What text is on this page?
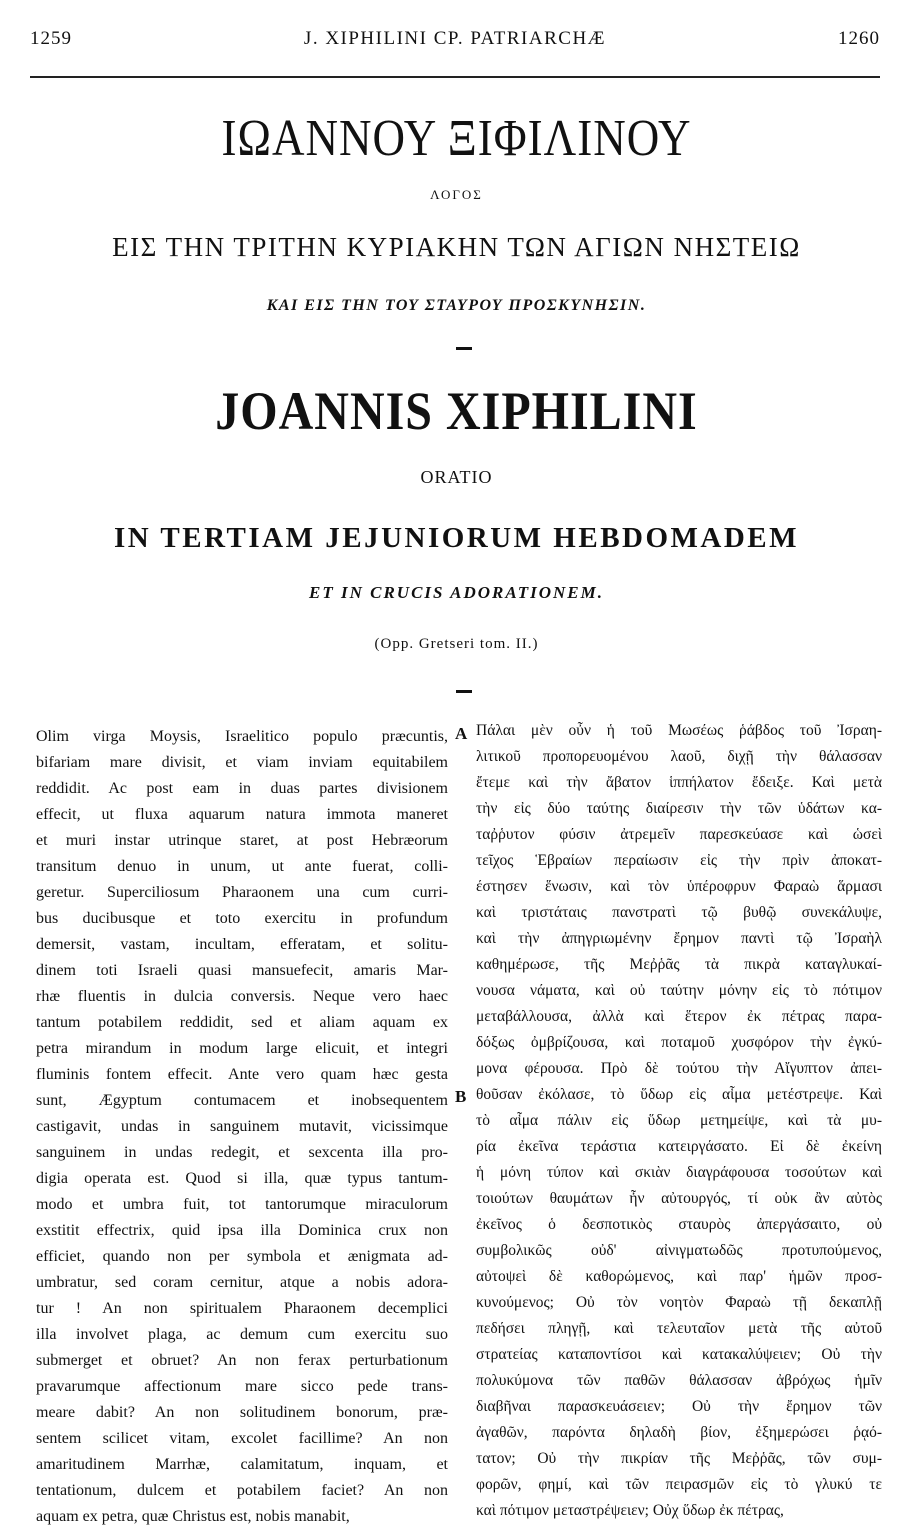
1259	J. XIPHILINI CP. PATRIARCHÆ	1260
ΙΩΑΝΝΟΥ ΞΙΦΙΛΙΝΟΥ
ΛΟΓΟΣ
ΕΙΣ ΤΗΝ ΤΡΙΤΗΝ ΚΥΡΙΑΚΗΝ ΤΩΝ ΑΓΙΩΝ ΝΗΣΤΕΙΩ
ΚΑΙ ΕΙΣ ΤΗΝ ΤΟΥ ΣΤΑΥΡΟΥ ΠΡΟΣΚΥΝΗΣΙΝ.
JOANNIS XIPHILINI
ORATIO
IN TERTIAM JEJUNIORUM HEBDOMADEM
ET IN CRUCIS ADORATIONEM.
(Opp. Gretseri tom. II.)
Olim virga Moysis, Israelitico populo præcuntis,
bifariam mare divisit, et viam inviam equitabilem
reddidit. Ac post eam in duas partes divisionem
effecit, ut fluxa aquarum natura immota maneret
et muri instar utrinque staret, at post Hebræorum
transitum denuo in unum, ut ante fuerat, colli-
geretur. Superciliosum Pharaonem una cum curri-
bus ducibusque et toto exercitu in profundum
demersit, vastam, incultam, efferatam, et solitu-
dinem toti Israeli quasi mansuefecit, amaris Mar-
rhæ fluentis in dulcia conversis. Neque vero haec
tantum potabilem reddidit, sed et aliam aquam ex
petra mirandum in modum large elicuit, et integri
fluminis fontem effecit. Ante vero quam hæc gesta
sunt, Ægyptum contumacem et inobsequentem
castigavit, undas in sanguinem mutavit, vicissimque
sanguinem in undas redegit, et sexcenta illa pro-
digia operata est. Quod si illa, quæ typus tantum-
modo et umbra fuit, tot tantorumque miraculorum
exstitit effectrix, quid ipsa illa Dominica crux non
efficiet, quando non per symbola et ænigmata ad-
umbratur, sed coram cernitur, atque a nobis adora-
tur ! An non spiritualem Pharaonem decemplici
illa involvet plaga, ac demum cum exercitu suo
submerget et obruet? An non ferax perturbationum
pravarumque affectionum mare sicco pede trans-
meare dabit? An non solitudinem bonorum, præ-
sentem scilicet vitam, excolet facillime? An non
amaritudinem Marrhæ, calamitatum, inquam, et
tentationum, dulcem et potabilem faciet? An non
aquam ex petra, quæ Christus est, nobis manabit,
Πάλαι μὲν οὖν ἡ τοῦ Μωσέως ῥάβδος τοῦ Ἰσραη-
λιτικοῦ προπορευομένου λαοῦ, διχῇ τὴν θάλασσαν
ἔτεμε καὶ τὴν ἄβατον ἱππήλατον ἔδειξε. Καὶ μετὰ
τὴν εἰς δύο ταύτης διαίρεσιν τὴν τῶν ὑδάτων κα-
ταῤῥυτον φύσιν ἀτρεμεῖν παρεσκεύασε καὶ ὡσεὶ
τεῖχος Ἑβραίων περαίωσιν εἰς τὴν πρὶν ἀποκατ-
έστησεν ἕνωσιν, καὶ τὸν ὑπέροφρυν Φαραὼ ἅρμασι
καὶ τριστάταις πανστρατὶ τῷ βυθῷ συνεκάλυψε,
καὶ τὴν ἀπηγριωμένην ἔρημον παντὶ τῷ Ἰσραὴλ
καθημέρωσε, τῆς Μεῤῥᾶς τὰ πικρὰ καταγλυκαί-
νουσα νάματα, καὶ οὐ ταύτην μόνην εἰς τὸ πότιμον
μεταβάλλουσα, ἀλλὰ καὶ ἕτερον ἐκ πέτρας παρα-
δόξως ὀμβρίζουσα, καὶ ποταμοῦ χυσφόρον τὴν ἐγκύ-
μονα φέρουσα. Πρὸ δὲ τούτου τὴν Αἴγυπτον ἀπει-
θοῦσαν ἐκόλασε, τὸ ὕδωρ εἰς αἷμα μετέστρεψε. Καὶ
τὸ αἷμα πάλιν εἰς ὕδωρ μετημείψε, καὶ τὰ μυ-
ρία ἐκεῖνα τεράστια κατειργάσατο. Εἰ δὲ ἐκείνη
ἡ μόνη τύπον καὶ σκιὰν διαγράφουσα τοσούτων καὶ
τοιούτων θαυμάτων ἦν αὐτουργός, τί οὐκ ἂν αὐτὸς
ἐκεῖνος ὁ δεσποτικὸς σταυρὸς ἀπεργάσαιτο, οὐ
συμβολικῶς οὐδ' αἰνιγματωδῶς προτυπούμενος,
αὐτοψεὶ δὲ καθορώμενος, καὶ παρ' ἡμῶν προσ-
κυνούμενος; Οὐ τὸν νοητὸν Φαραὼ τῇ δεκαπλῇ
πεδήσει πληγῇ, καὶ τελευταῖον μετὰ τῆς αὐτοῦ
στρατείας καταποντίσοι καὶ κατακαλύψειεν; Οὐ τὴν
πολυκύμονα τῶν παθῶν θάλασσαν ἀβρόχως ἡμῖν
διαβῆναι παρασκευάσειεν; Οὐ τὴν ἔρημον τῶν
ἀγαθῶν, παρόντα δηλαδὴ βίον, ἐξημερώσει ῥᾳό-
τατον; Οὐ τὴν πικρίαν τῆς Μεῤῥᾶς, τῶν συμ-
φορῶν, φημί, καὶ τῶν πειρασμῶν εἰς τὸ γλυκύ τε
καὶ πότιμον μεταστρέψειεν; Οὐχ ὕδωρ ἐκ πέτρας,
A
B
